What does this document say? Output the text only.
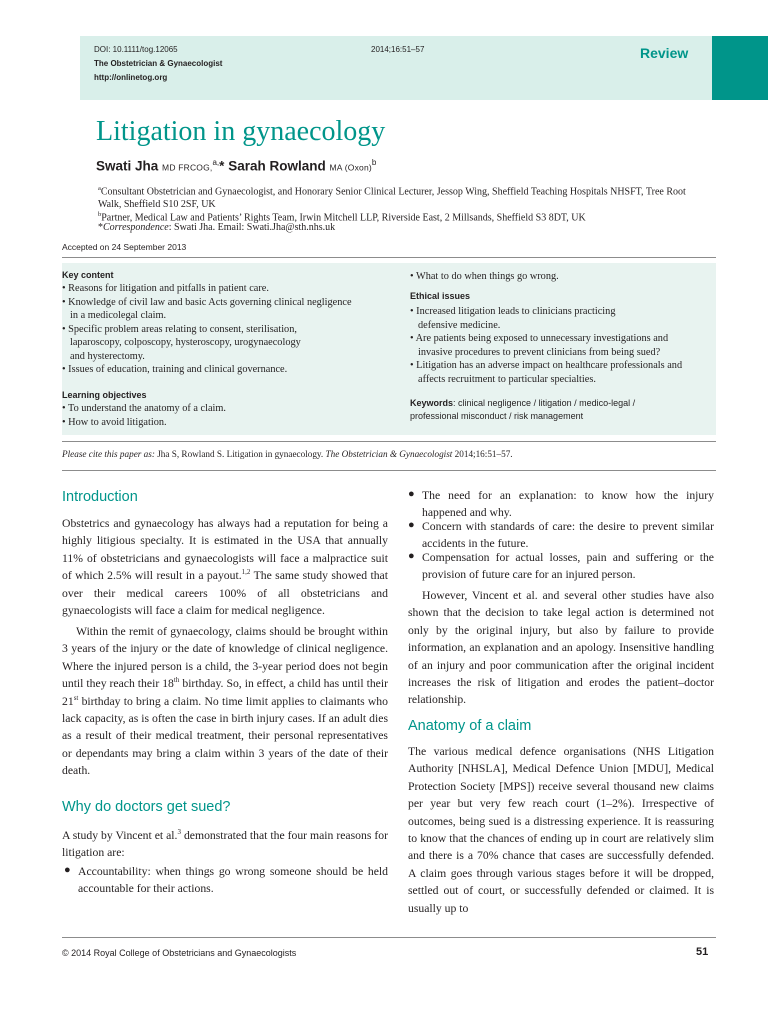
DOI: 10.1111/tog.12065	2014;16:51–57
The Obstetrician & Gynaecologist
http://onlinetog.org
Review
Litigation in gynaecology
Swati Jha MD FRCOG,$^{a,}$* Sarah Rowland MA (Oxon)$^b$
$^a$Consultant Obstetrician and Gynaecologist, and Honorary Senior Clinical Lecturer, Jessop Wing, Sheffield Teaching Hospitals NHSFT, Tree Root
Walk, Sheffield S10 2SF, UK
$^b$Partner, Medical Law and Patients’ Rights Team, Irwin Mitchell LLP, Riverside East, 2 Millsands, Sheffield S3 8DT, UK
*Correspondence: Swati Jha. Email: Swati.Jha@sth.nhs.uk
Accepted on 24 September 2013
Key content
• Reasons for litigation and pitfalls in patient care.
• Knowledge of civil law and basic Acts governing clinical negligence
in a medicolegal claim.
• Specific problem areas relating to consent, sterilisation,
laparoscopy, colposcopy, hysteroscopy, urogynaecology
and hysterectomy.
• Issues of education, training and clinical governance.
Learning objectives
• To understand the anatomy of a claim.
• How to avoid litigation.
• What to do when things go wrong.
Ethical issues
• Increased litigation leads to clinicians practicing
defensive medicine.
• Are patients being exposed to unnecessary investigations and
invasive procedures to prevent clinicians from being sued?
• Litigation has an adverse impact on healthcare professionals and
affects recruitment to particular specialties.
Keywords: clinical negligence / litigation / medico-legal /
professional misconduct / risk management
Please cite this paper as: Jha S, Rowland S. Litigation in gynaecology. The Obstetrician & Gynaecologist 2014;16:51–57.
Introduction

Obstetrics and gynaecology has always had a reputation for being a highly litigious specialty. It is estimated in the USA that annually 11% of obstetricians and gynaecologists will face a malpractice suit of which 2.5% will result in a payout.$^{1,2}$ The same study showed that over their medical careers 100% of all obstetricians and gynaecologists will face a claim for medical negligence.

Within the remit of gynaecology, claims should be brought within 3 years of the injury or the date of knowledge of clinical negligence. Where the injured person is a child, the 3-year period does not begin until they reach their 18th birthday. So, in effect, a child has until their 21st birthday to bring a claim. No time limit applies to claimants who lack capacity, as is often the case in birth injury cases. If an adult dies as a result of their medical treatment, their personal representatives or dependants may bring a claim within 3 years of the date of their death.

Why do doctors get sued?

A study by Vincent et al.$^3$ demonstrated that the four main reasons for litigation are:

● Accountability: when things go wrong someone should be held accountable for their actions.

● The need for an explanation: to know how the injury happened and why.

● Concern with standards of care: the desire to prevent similar accidents in the future.

● Compensation for actual losses, pain and suffering or the provision of future care for an injured person.

However, Vincent et al. and several other studies have also shown that the decision to take legal action is determined not only by the original injury, but also by failure to provide information, an explanation and an apology. Insensitive handling of an injury and poor communication after the original incident increases the risk of litigation and erodes the patient–doctor relationship.

Anatomy of a claim

The various medical defence organisations (NHS Litigation Authority [NHSLA], Medical Defence Union [MDU], Medical Protection Society [MPS]) receive several thousand new claims per year but very few reach court (1–2%). Irrespective of outcomes, being sued is a distressing experience. It is reassuring to know that the chances of ending up in court are relatively slim and there is a 70% chance that cases are successfully defended. A claim goes through various stages before it will be dropped, settled out of court, or successfully defended or claimed. It is usually up to

© 2014 Royal College of Obstetricians and Gynaecologists	51
